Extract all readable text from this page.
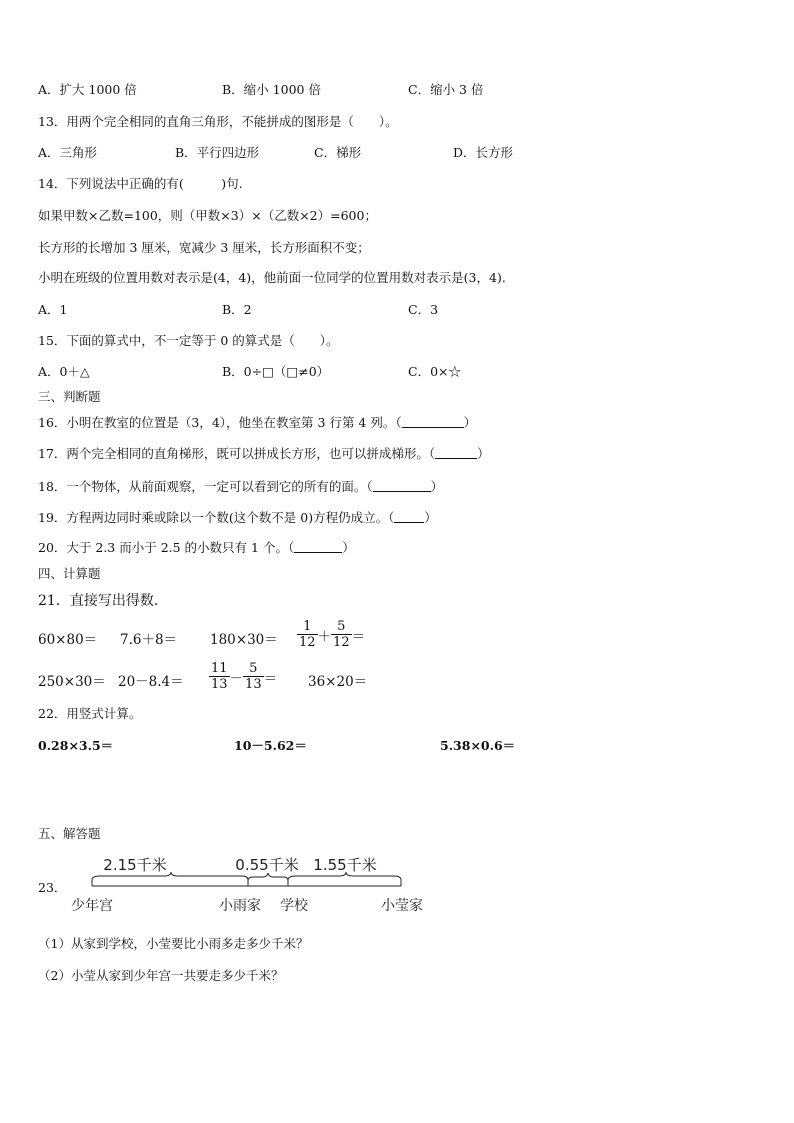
A．扩大 1000 倍	B．缩小 1000 倍	C．缩小 3 倍
13．用两个完全相同的直角三角形，不能拼成的图形是（　　）。
A．三角形	B．平行四边形	C．梯形	D．长方形
14．下列说法中正确的有(　　　)句.
如果甲数×乙数=100，则（甲数×3）×（乙数×2）=600；
长方形的长增加 3 厘米，宽减少 3 厘米，长方形面积不变；
小明在班级的位置用数对表示是(4，4)，他前面一位同学的位置用数对表示是(3，4).
A．1	B．2	C．3
15．下面的算式中，不一定等于 0 的算式是（　　）。
A．0＋△	B．0÷□（□≠0）	C．0×☆
三、判断题
16．小明在教室的位置是（3，4），他坐在教室第 3 行第 4 列。（	）
17．两个完全相同的直角梯形，既可以拼成长方形，也可以拼成梯形。（	）
18．一个物体，从前面观察，一定可以看到它的所有的面。（	）
19．方程两边同时乘或除以一个数(这个数不是 0)方程仍成立。（ ）
20．大于 2.3 而小于 2.5 的小数只有 1 个。（	）
四、计算题
21．直接写出得数.
$60\times 80= 7.6+8= 180\times 30= \frac{1}{12} + \frac{5}{12}$ ＝
$250\times 30= 20-8.4= \frac{11}{13} - \frac{5}{13} = 36\times 20=$
22．用竖式计算。
0.28×3.5＝	10－5.62＝	5.38×0.6＝
五、解答题
23．
2.15千米	0.55千米 1.55千米
少年宫	小雨家 学校	小莹家
（1）从家到学校，小莹要比小雨多走多少千米？
（2）小莹从家到少年宫一共要走多少千米？
